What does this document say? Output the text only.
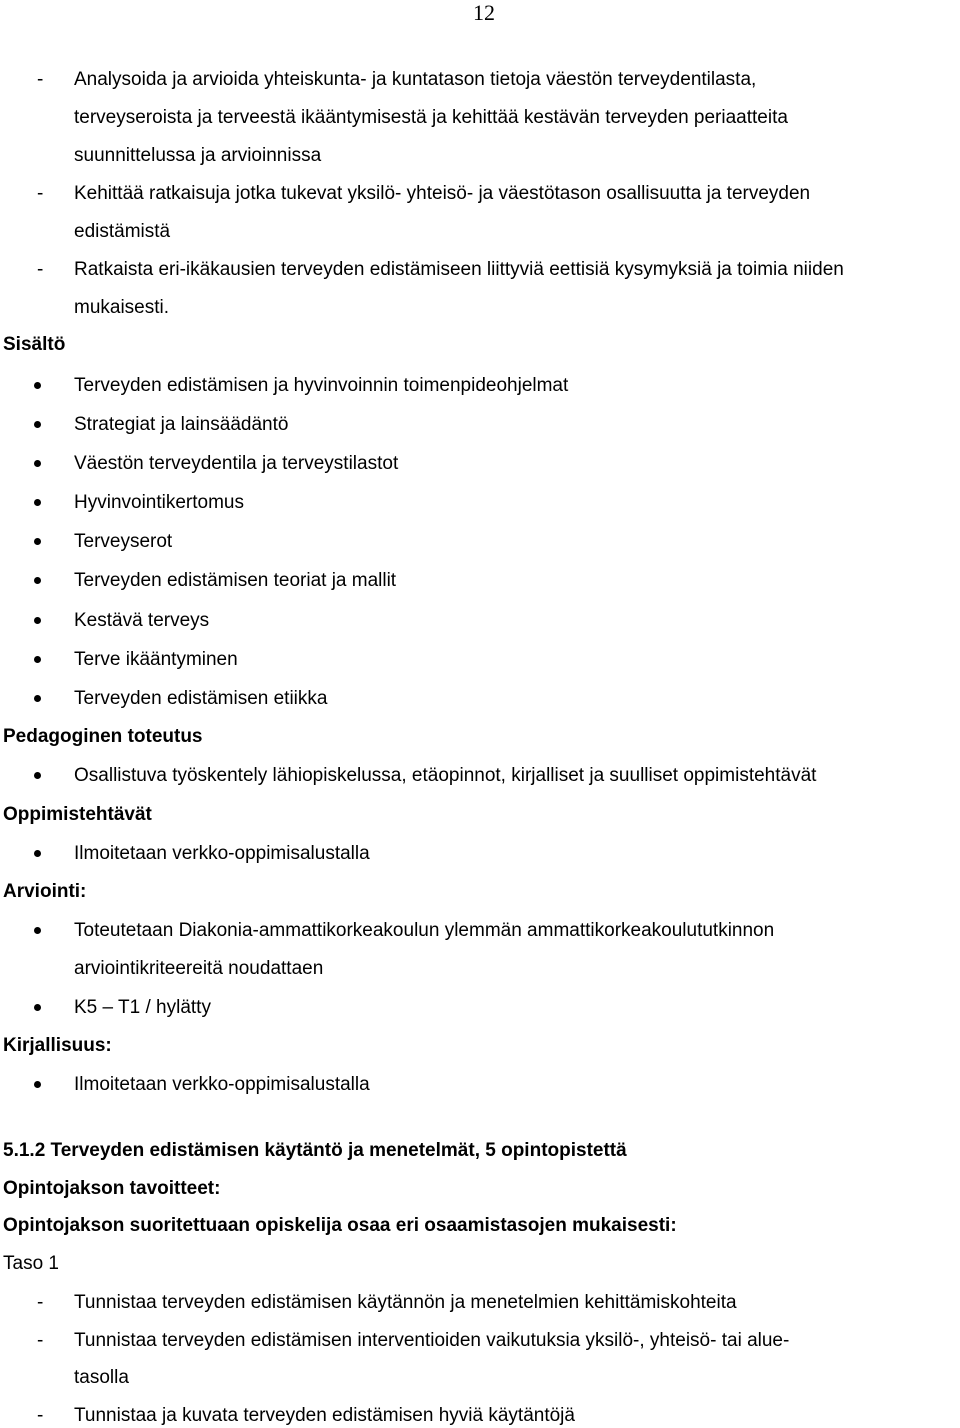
12
- Analysoida ja arvioida yhteiskunta- ja kuntatason tietoja väestön terveydentilasta,
terveyseroista ja terveestä ikääntymisestä ja kehittää kestävän terveyden periaatteita
suunnittelussa ja arvioinnissa
- Kehittää ratkaisuja jotka tukevat yksilö- yhteisö- ja väestötason osallisuutta ja terveyden
edistämistä
- Ratkaista eri-ikäkausien terveyden edistämiseen liittyviä eettisiä kysymyksiä ja toimia niiden
mukaisesti.
Sisältö
Terveyden edistämisen ja hyvinvoinnin toimenpideohjelmat
Strategiat ja lainsäädäntö
Väestön terveydentila ja terveystilastot
Hyvinvointikertomus
Terveyserot
Terveyden edistämisen teoriat ja mallit
Kestävä terveys
Terve ikääntyminen
Terveyden edistämisen etiikka
Pedagoginen toteutus
Osallistuva työskentely lähiopiskelussa, etäopinnot, kirjalliset ja suulliset oppimistehtävät
Oppimistehtävät
Ilmoitetaan verkko-oppimisalustalla
Arviointi:
Toteutetaan Diakonia-ammattikorkeakoulun ylemmän ammattikorkeakoulututkinnon
arviointikriteereitä noudattaen
K5 – T1 / hylätty
Kirjallisuus:
Ilmoitetaan verkko-oppimisalustalla
5.1.2 Terveyden edistämisen käytäntö ja menetelmät, 5 opintopistettä
Opintojakson tavoitteet:
Opintojakson suoritettuaan opiskelija osaa eri osaamistasojen mukaisesti:
Taso 1
- Tunnistaa terveyden edistämisen käytännön ja menetelmien kehittämiskohteita
- Tunnistaa terveyden edistämisen interventioiden vaikutuksia yksilö-, yhteisö- tai alue-
tasolla
- Tunnistaa ja kuvata terveyden edistämisen hyviä käytäntöjä
